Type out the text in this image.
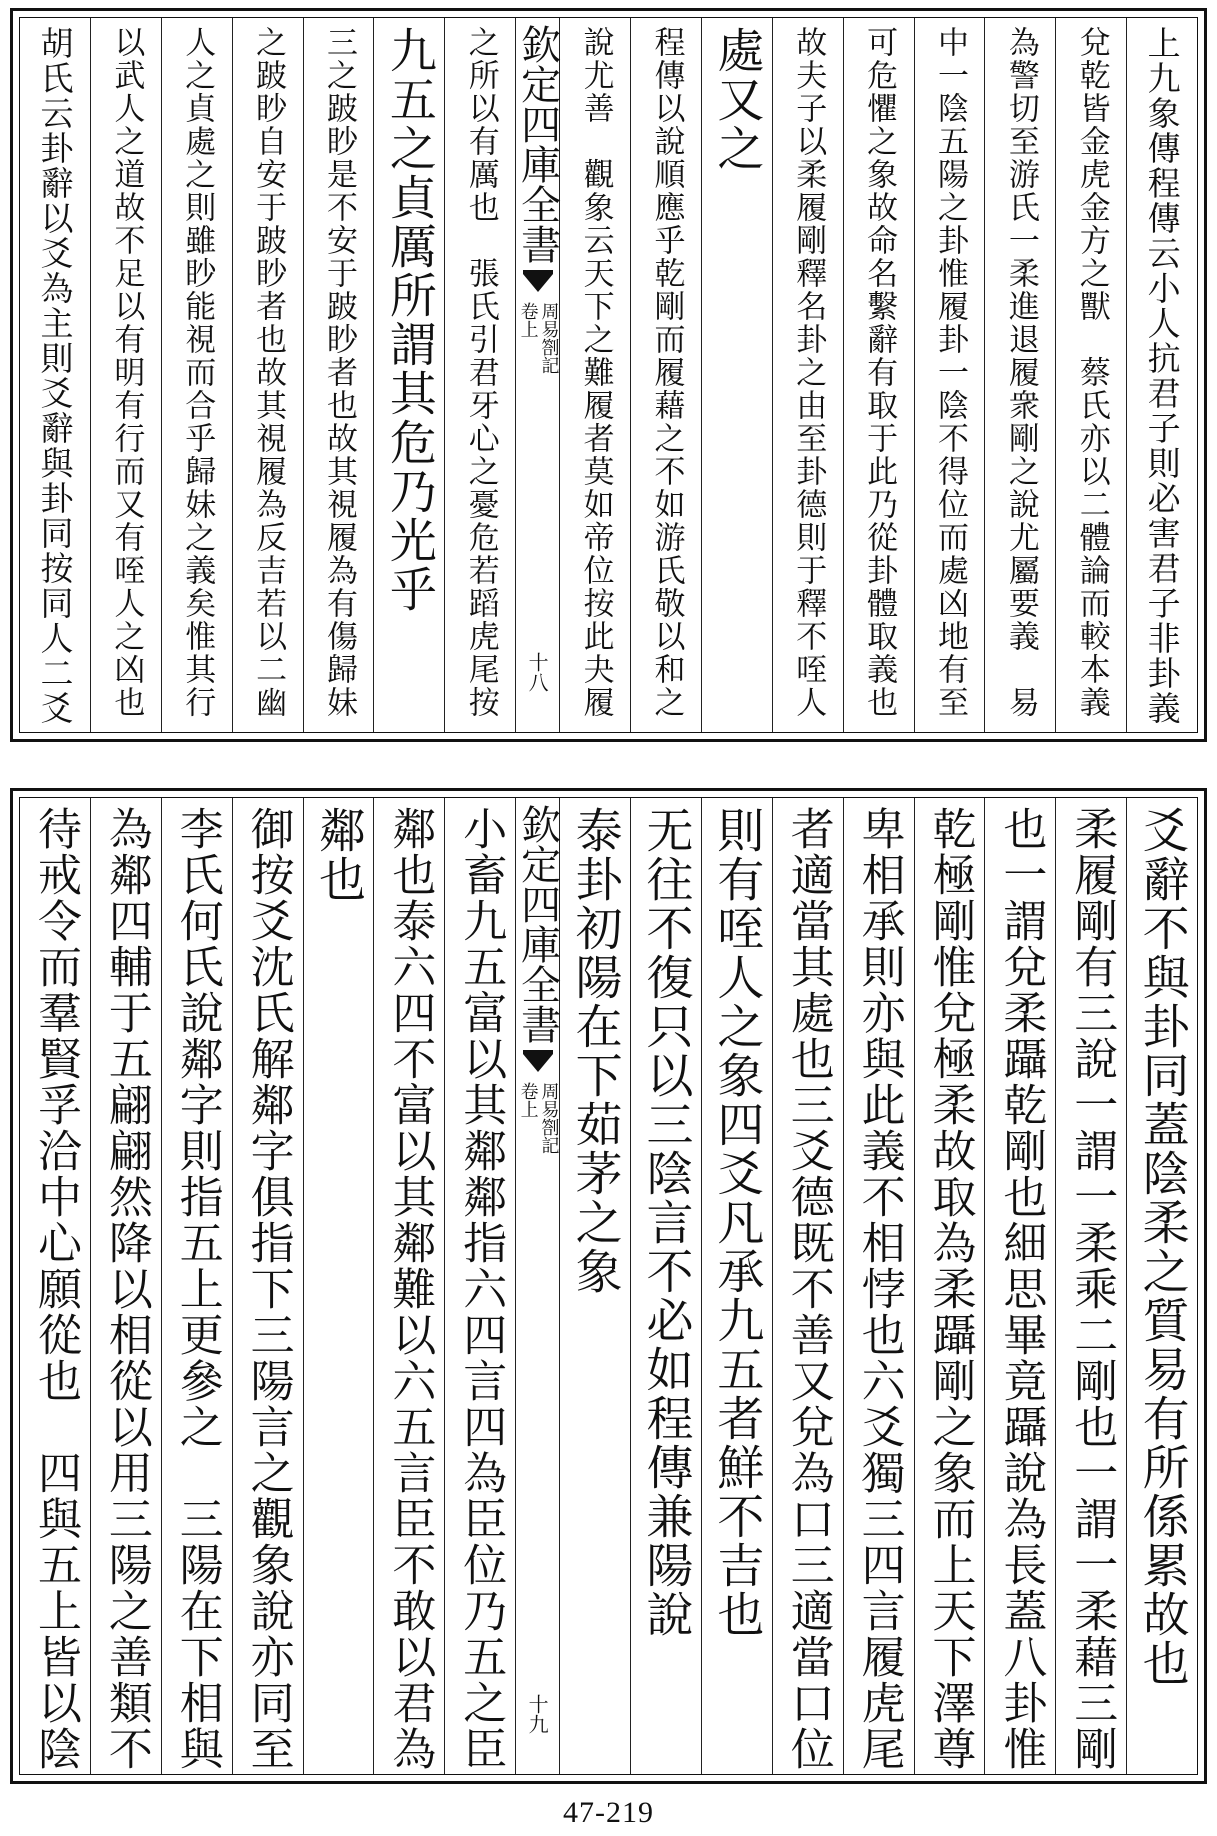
上九象傳程傳云小人抗君子則必害君子非卦義
兌乾皆金虎金方之獸　蔡氏亦以二體論而較本義
為警切至游氏一柔進退履衆剛之說尤屬要義　易
中一陰五陽之卦惟履卦一陰不得位而處凶地有至
可危懼之象故命名繫辭有取于此乃從卦體取義也
故夫子以柔履剛釋名卦之由至卦德則于釋不咥人
處又之
程傳以說順應乎乾剛而履藉之不如游氏敬以和之
說尤善　觀象云天下之難履者莫如帝位按此夬履
欽定四庫全書
周易劄記
卷上
十八
之所以有厲也　張氏引君牙心之憂危若蹈虎尾按
九五之貞厲所謂其危乃光乎
三之跛眇是不安于跛眇者也故其視履為有傷歸妹
之跛眇自安于跛眇者也故其視履為反吉若以二幽
人之貞處之則雖眇能視而合乎歸妹之義矣惟其行
以武人之道故不足以有明有行而又有咥人之凶也
胡氏云卦辭以爻為主則爻辭與卦同按同人二爻
爻辭不與卦同蓋陰柔之質易有所係累故也
柔履剛有三說一謂一柔乘二剛也一謂一柔藉三剛
也一謂兌柔躡乾剛也細思畢竟躡說為長蓋八卦惟
乾極剛惟兌極柔故取為柔躡剛之象而上天下澤尊
卑相承則亦與此義不相悖也六爻獨三四言履虎尾
者適當其處也三爻德既不善又兌為口三適當口位
則有咥人之象四爻凡承九五者鮮不吉也
无往不復只以三陰言不必如程傳兼陽說
泰卦初陽在下茹茅之象
欽定四庫全書
周易劄記
卷上
十九
小畜九五富以其鄰鄰指六四言四為臣位乃五之臣
鄰也泰六四不富以其鄰難以六五言臣不敢以君為
鄰也
御按爻沈氏解鄰字俱指下三陽言之觀象說亦同至
李氏何氏說鄰字則指五上更參之　三陽在下相與
為鄰四輔于五翩翩然降以相從以用三陽之善類不
待戒令而羣賢孚洽中心願從也　四與五上皆以陰
47-219
